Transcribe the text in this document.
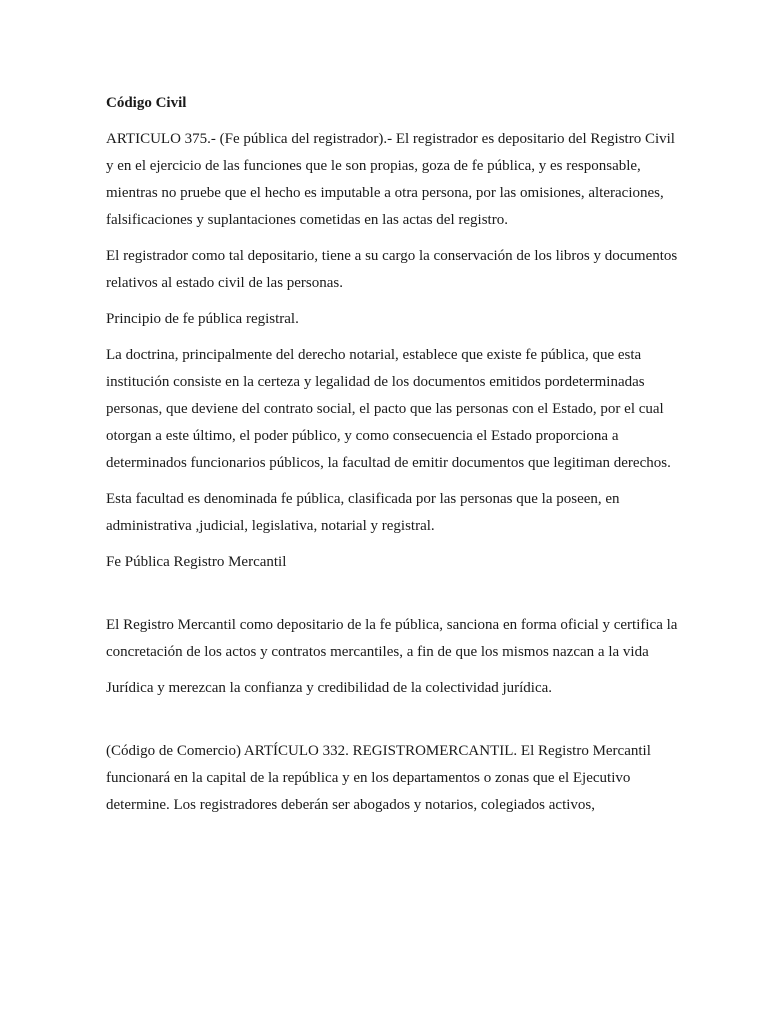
Código Civil

ARTICULO 375.- (Fe pública del registrador).- El registrador es depositario del Registro Civil y en el ejercicio de las funciones que le son propias, goza de fe pública, y es responsable, mientras no pruebe que el hecho es imputable a otra persona, por las omisiones, alteraciones, falsificaciones y suplantaciones cometidas en las actas del registro.

El registrador como tal depositario, tiene a su cargo la conservación de los libros y documentos relativos al estado civil de las personas.

Principio de fe pública registral.

La doctrina, principalmente del derecho notarial, establece que existe fe pública, que esta institución consiste en la certeza y legalidad de los documentos emitidos pordeterminadas personas, que deviene del contrato social, el pacto que las personas con el Estado, por el cual otorgan a este último, el poder público, y como consecuencia el Estado proporciona a determinados funcionarios públicos, la facultad de emitir documentos que legitiman derechos.

Esta facultad es denominada fe pública, clasificada por las personas que la poseen, en administrativa ,judicial, legislativa, notarial y registral.

Fe Pública Registro Mercantil

El Registro Mercantil como depositario de la fe pública, sanciona en forma oficial y certifica la concretación de los actos y contratos mercantiles, a fin de que los mismos nazcan a la vida

Jurídica y merezcan la confianza y credibilidad de la colectividad jurídica.

(Código de Comercio) ARTÍCULO 332. REGISTROMERCANTIL. El Registro Mercantil funcionará en la capital de la república y en los departamentos o zonas que el Ejecutivo determine. Los registradores deberán ser abogados y notarios, colegiados activos,
